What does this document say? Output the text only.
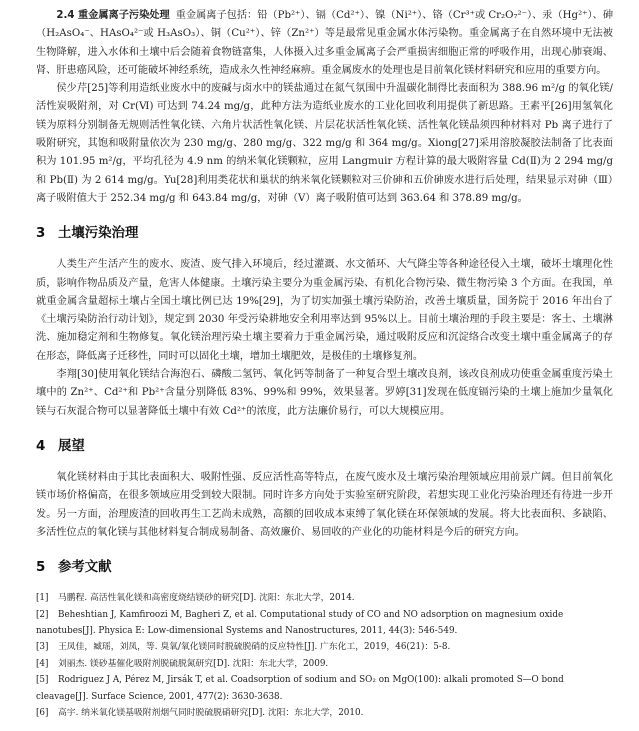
2.4 重金属离子污染处理 重金属离子包括：铅（Pb²⁺）、镉（Cd²⁺）、镍（Ni²⁺）、铬（Cr³⁺或 Cr₂O₇²⁻）、汞（Hg²⁺）、砷（H₂AsO₄⁻、HAsO₄²⁻或 H₃AsO₃）、铜（Cu²⁺）、锌（Zn²⁺）等是最常见重金属水体污染物。重金属离子在自然环境中无法被生物降解，进入水体和土壤中后会随着食物链富集，人体摄入过多重金属离子会严重损害细胞正常的呼吸作用，出现心肺衰竭、肾、肝患癌风险，还可能破坏神经系统，造成永久性神经麻痹。重金属废水的处理也是目前氧化镁材料研究和应用的重要方向。

侯少芹[25]等利用造纸业废水中的废碱与卤水中的镁盐通过在氮气氛围中升温碳化制得比表面积为 388.96 m²/g 的氧化镁/活性炭吸附剂，对 Cr(Ⅵ) 可达到 74.24 mg/g，此种方法为造纸业废水的工业化回收利用提供了新思路。王素平[26]用氢氧化镁为原料分别制备无规则活性氧化镁、六角片状活性氧化镁、片层花状活性氧化镁、活性氧化镁晶须四种材料对 Pb 离子进行了吸附研究，其饱和吸附量依次为 230 mg/g、280 mg/g、322 mg/g 和 364 mg/g。Xiong[27]采用溶胶凝胶法制备了比表面积为 101.95 m²/g，平均孔径为 4.9 nm 的纳米氧化镁颗粒，应用 Langmuir 方程计算的最大吸附容量 Cd(Ⅱ)为 2 294 mg/g 和 Pb(Ⅱ) 为 2 614 mg/g。Yu[28]利用类花状和巢状的纳米氧化镁颗粒对三价砷和五价砷废水进行后处理，结果显示对砷（Ⅲ）离子吸附值大于 252.34 mg/g 和 643.84 mg/g，对砷（Ⅴ）离子吸附值可达到 363.64 和 378.89 mg/g。

3 土壤污染治理

人类生产生活产生的废水、废渣、废气排入环境后，经过灌溉、水文循环、大气降尘等各种途径侵入土壤，破坏土壤理化性质，影响作物品质及产量，危害人体健康。土壤污染主要分为重金属污染、有机化合物污染、微生物污染 3 个方面。在我国，单就重金属含量超标土壤占全国土壤比例已达 19%[29]，为了切实加强土壤污染防治，改善土壤质量，国务院于 2016 年出台了《土壤污染防治行动计划》，规定到 2030 年受污染耕地安全利用率达到 95%以上。目前土壤治理的手段主要是：客土、土壤淋洗、施加稳定剂和生物修复。氧化镁治理污染土壤主要着力于重金属污染，通过吸附反应和沉淀络合改变土壤中重金属离子的存在形态，降低离子迁移性，同时可以固化土壤，增加土壤肥效，是极佳的土壤修复剂。

李翔[30]使用氧化镁结合海泡石、磷酸二氢钙、氧化钙等制备了一种复合型土壤改良剂，该改良剂成功使重金属重度污染土壤中的 Zn²⁺、Cd²⁺和 Pb²⁺含量分别降低 83%、99%和 99%，效果显著。罗婷[31]发现在低度镉污染的土壤上施加少量氧化镁与石灰混合物可以显著降低土壤中有效 Cd²⁺的浓度，此方法廉价易行，可以大规模应用。

4 展望

氧化镁材料由于其比表面积大、吸附性强、反应活性高等特点，在废气废水及土壤污染治理领域应用前景广阔。但目前氧化镁市场价格偏高，在很多领域应用受到较大限制。同时许多方向处于实验室研究阶段，若想实现工业化污染治理还有待进一步开发。另一方面，治理废渣的回收再生工艺尚未成熟，高额的回收成本束缚了氧化镁在环保领域的发展。将大比表面积、多缺陷、多活性位点的氧化镁与其他材料复合制成易制备、高效廉价、易回收的产业化的功能材料是今后的研究方向。

5 参考文献
[1]	马鹏程. 高活性氧化镁和高密度烧结镁砂的研究[D]. 沈阳：东北大学，2014.
[2]	Beheshtian J, Kamfiroozi M, Bagheri Z, et al. Computational study of CO and NO adsorption on magnesium oxide
nanotubes[J]. Physica E: Low-dimensional Systems and Nanostructures, 2011, 44(3): 546-549.
[3]	王凤佳，臧瑶，刘凤，等. 臭氧/氧化镁同时脱硫脱硝的反应特性[J]. 广东化工，2019，46(21)：5-8.
[4]	刘丽杰. 镁砂基催化吸附剂脱硫脱氮研究[D]. 沈阳：东北大学，2009.
[5]	Rodriguez J A, Pérez M, Jirsák T, et al. Coadsorption of sodium and SO₂ on MgO(100): alkali promoted S—O bond
cleavage[J]. Surface Science, 2001, 477(2): 3630-3638.
[6]	高宇. 纳米氧化镁基吸附剂烟气同时脱硫脱硝研究[D]. 沈阳：东北大学，2010.
